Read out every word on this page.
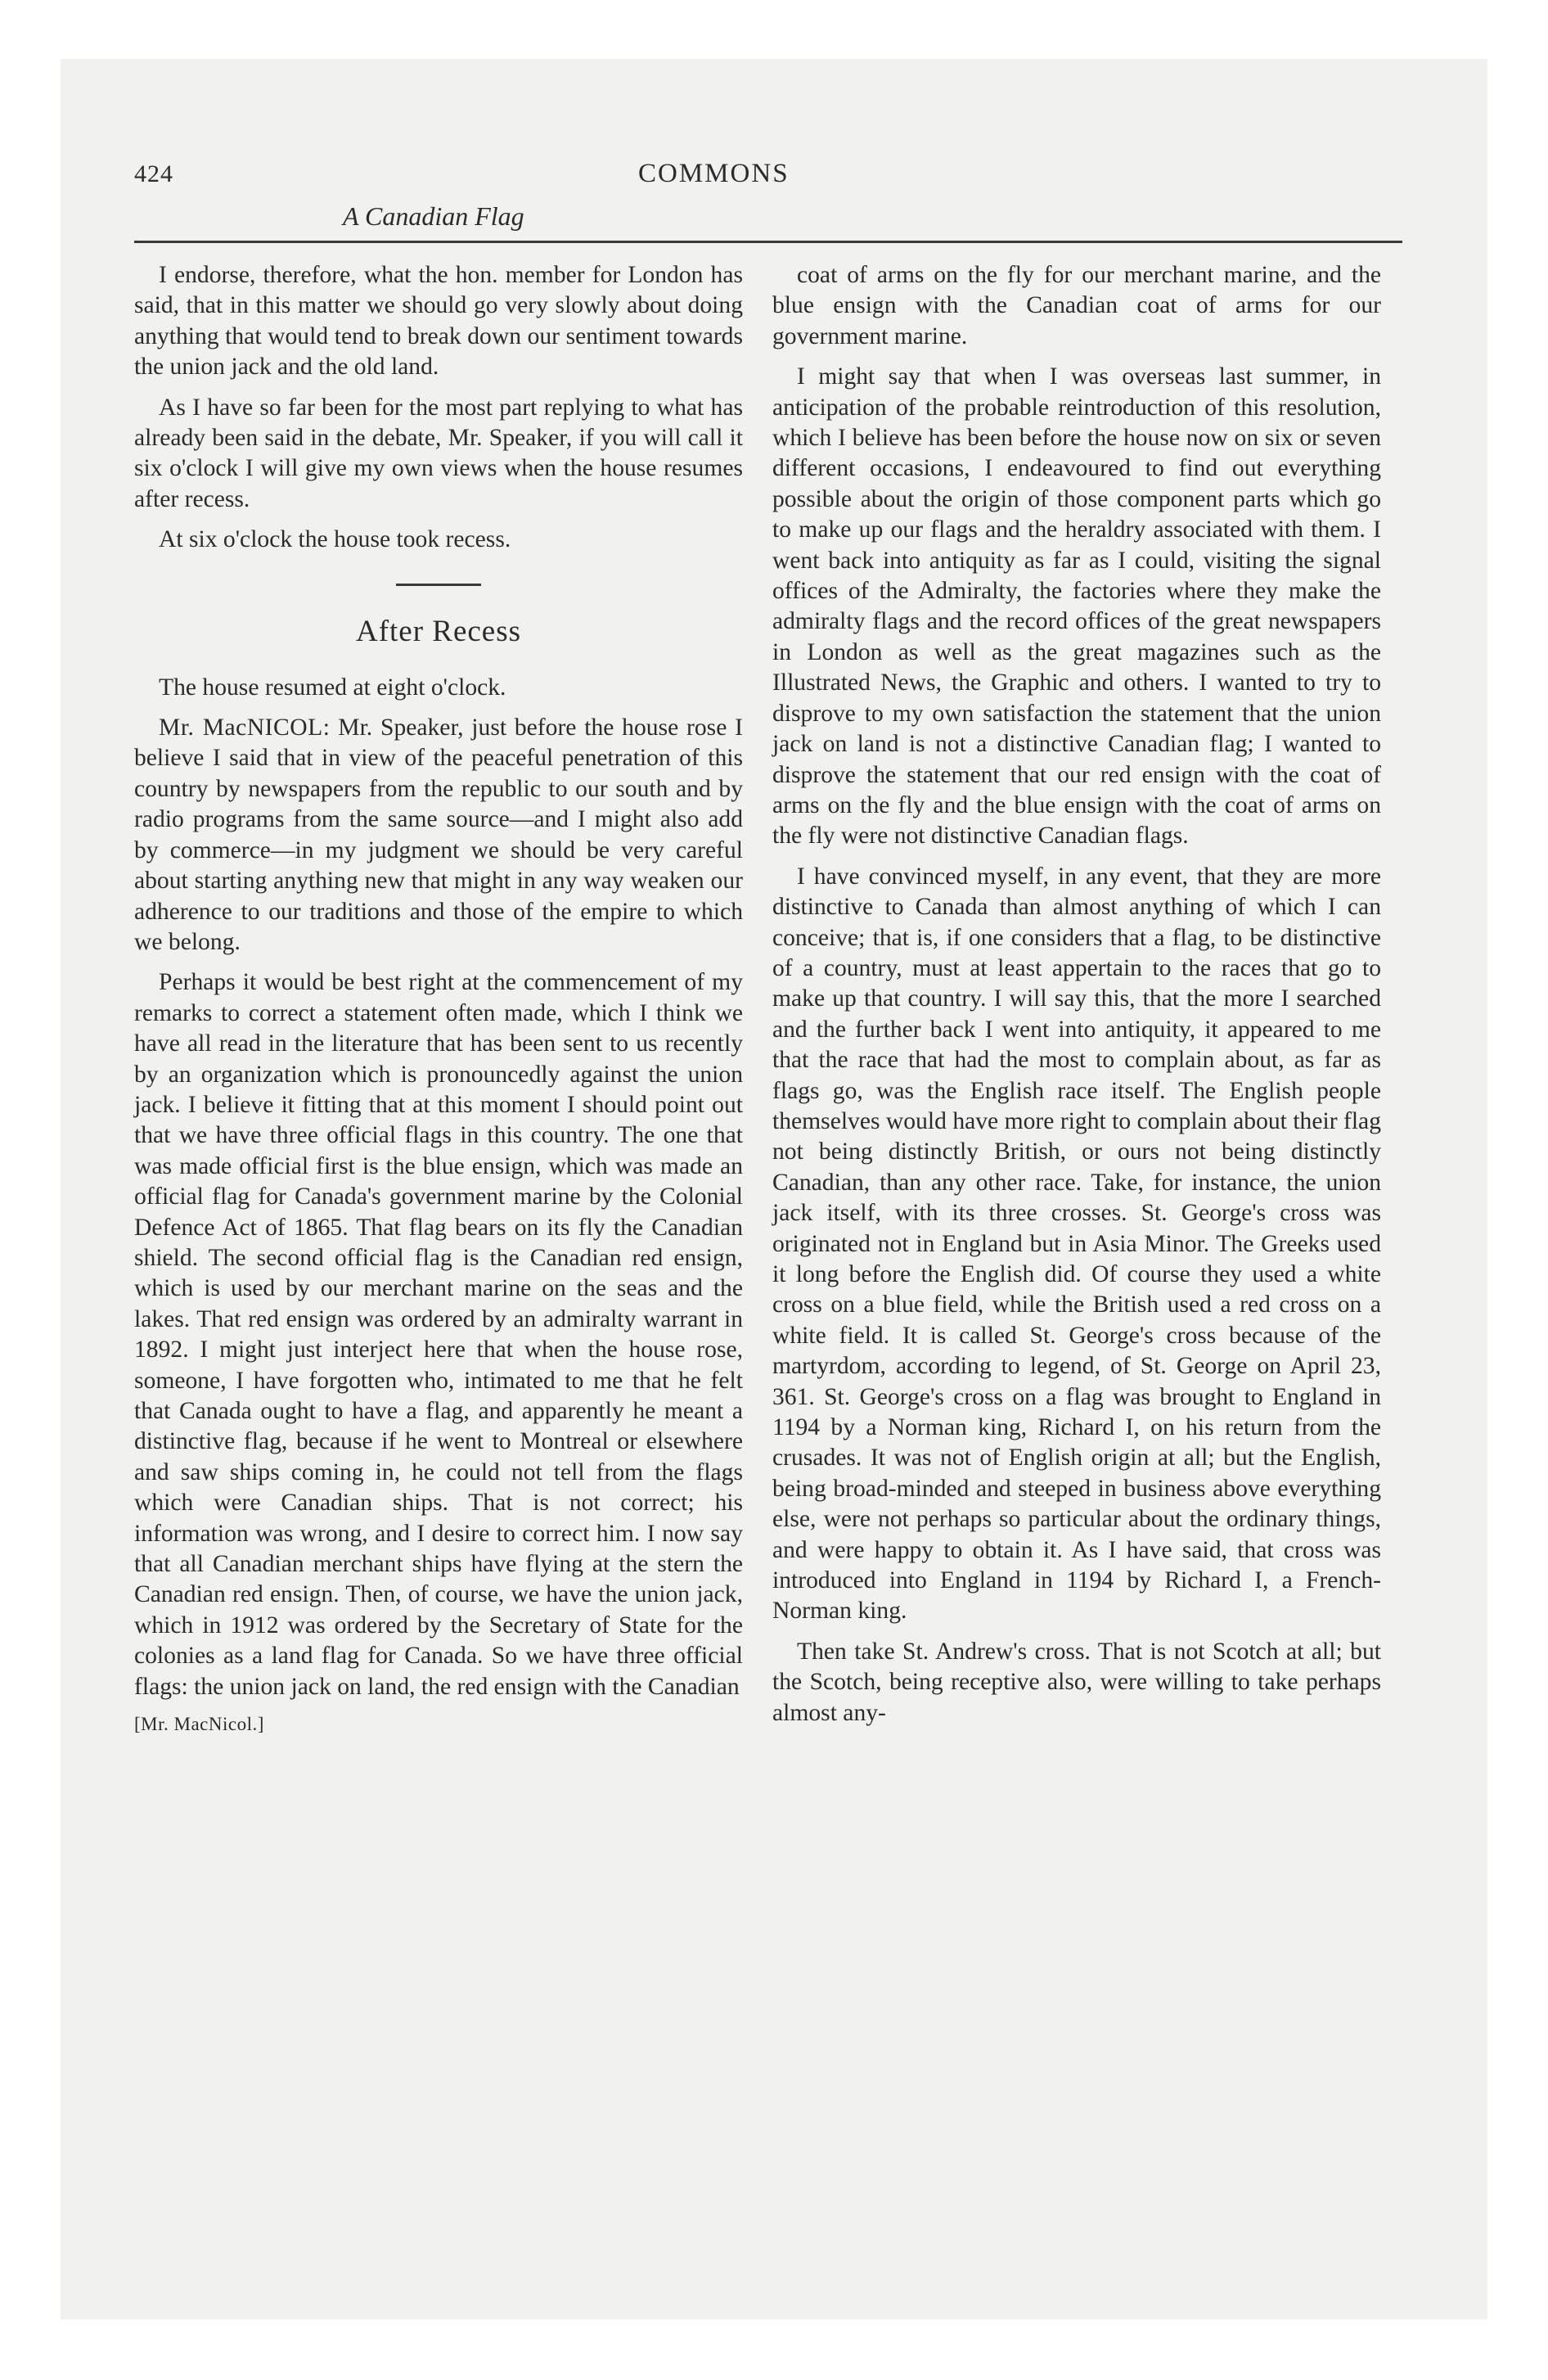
424	COMMONS
A Canadian Flag

I endorse, therefore, what the hon. member for London has said, that in this matter we should go very slowly about doing anything that would tend to break down our sentiment towards the union jack and the old land.

As I have so far been for the most part replying to what has already been said in the debate, Mr. Speaker, if you will call it six o'clock I will give my own views when the house resumes after recess.

At six o'clock the house took recess.

After Recess

The house resumed at eight o'clock.

Mr. MacNICOL: Mr. Speaker, just before the house rose I believe I said that in view of the peaceful penetration of this country by newspapers from the republic to our south and by radio programs from the same source—and I might also add by commerce—in my judgment we should be very careful about starting anything new that might in any way weaken our adherence to our traditions and those of the empire to which we belong.

Perhaps it would be best right at the commencement of my remarks to correct a statement often made, which I think we have all read in the literature that has been sent to us recently by an organization which is pronouncedly against the union jack. I believe it fitting that at this moment I should point out that we have three official flags in this country. The one that was made official first is the blue ensign, which was made an official flag for Canada's government marine by the Colonial Defence Act of 1865. That flag bears on its fly the Canadian shield. The second official flag is the Canadian red ensign, which is used by our merchant marine on the seas and the lakes. That red ensign was ordered by an admiralty warrant in 1892. I might just interject here that when the house rose, someone, I have forgotten who, intimated to me that he felt that Canada ought to have a flag, and apparently he meant a distinctive flag, because if he went to Montreal or elsewhere and saw ships coming in, he could not tell from the flags which were Canadian ships. That is not correct; his information was wrong, and I desire to correct him. I now say that all Canadian merchant ships have flying at the stern the Canadian red ensign. Then, of course, we have the union jack, which in 1912 was ordered by the Secretary of State for the colonies as a land flag for Canada. So we have three official flags: the union jack on land, the red ensign with the Canadian

[Mr. MacNicol.]

coat of arms on the fly for our merchant marine, and the blue ensign with the Canadian coat of arms for our government marine.

I might say that when I was overseas last summer, in anticipation of the probable reintroduction of this resolution, which I believe has been before the house now on six or seven different occasions, I endeavoured to find out everything possible about the origin of those component parts which go to make up our flags and the heraldry associated with them. I went back into antiquity as far as I could, visiting the signal offices of the Admiralty, the factories where they make the admiralty flags and the record offices of the great newspapers in London as well as the great magazines such as the Illustrated News, the Graphic and others. I wanted to try to disprove to my own satisfaction the statement that the union jack on land is not a distinctive Canadian flag; I wanted to disprove the statement that our red ensign with the coat of arms on the fly and the blue ensign with the coat of arms on the fly were not distinctive Canadian flags.

I have convinced myself, in any event, that they are more distinctive to Canada than almost anything of which I can conceive; that is, if one considers that a flag, to be distinctive of a country, must at least appertain to the races that go to make up that country. I will say this, that the more I searched and the further back I went into antiquity, it appeared to me that the race that had the most to complain about, as far as flags go, was the English race itself. The English people themselves would have more right to complain about their flag not being distinctly British, or ours not being distinctly Canadian, than any other race. Take, for instance, the union jack itself, with its three crosses. St. George's cross was originated not in England but in Asia Minor. The Greeks used it long before the English did. Of course they used a white cross on a blue field, while the British used a red cross on a white field. It is called St. George's cross because of the martyrdom, according to legend, of St. George on April 23, 361. St. George's cross on a flag was brought to England in 1194 by a Norman king, Richard I, on his return from the crusades. It was not of English origin at all; but the English, being broad-minded and steeped in business above everything else, were not perhaps so particular about the ordinary things, and were happy to obtain it. As I have said, that cross was introduced into England in 1194 by Richard I, a French-Norman king.

Then take St. Andrew's cross. That is not Scotch at all; but the Scotch, being receptive also, were willing to take perhaps almost any-
